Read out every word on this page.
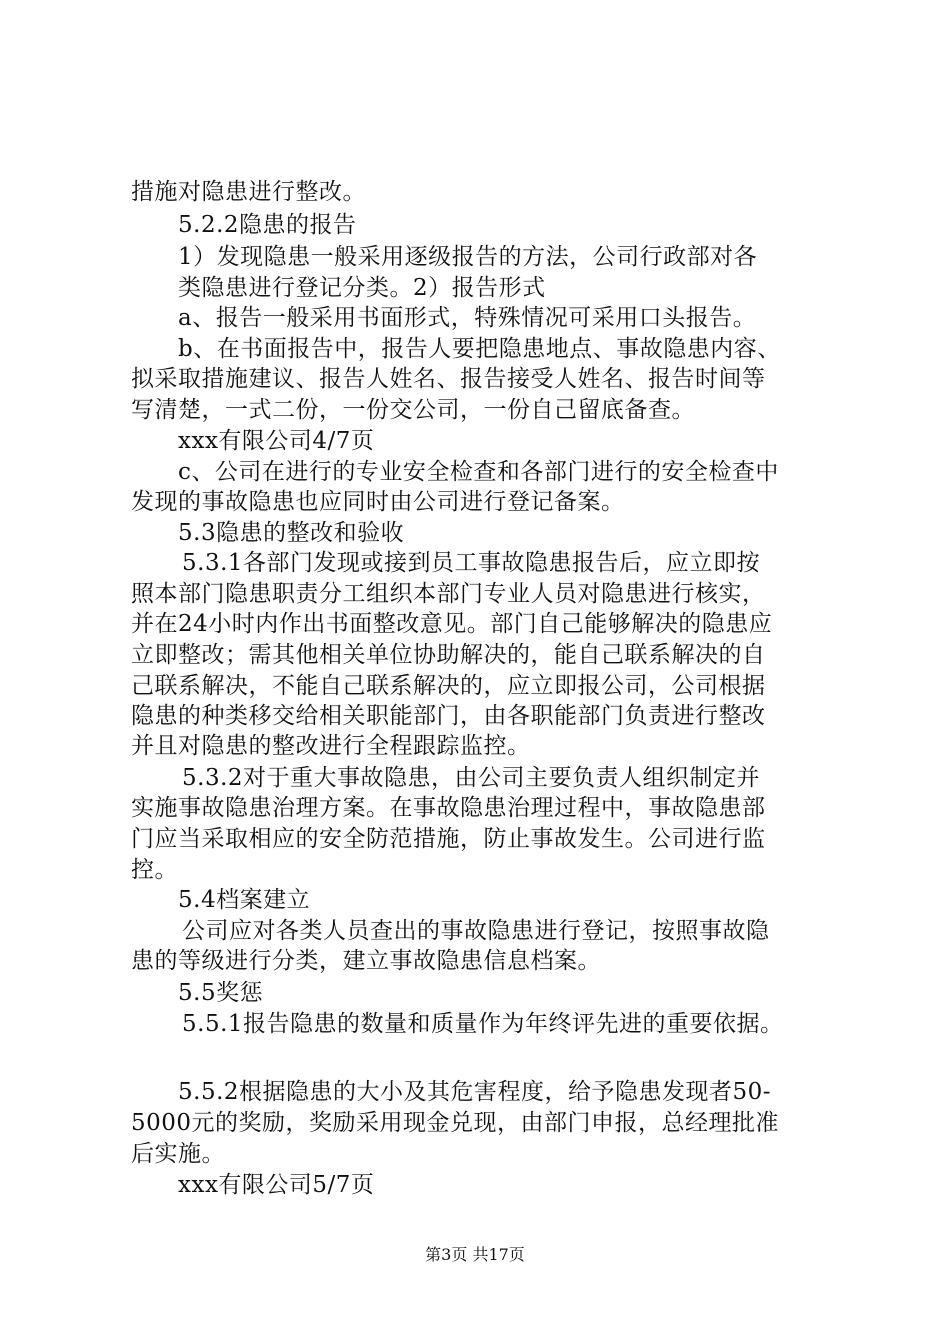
措施对隐患进行整改。
5.2.2隐患的报告
1）发现隐患一般采用逐级报告的方法，公司行政部对各
类隐患进行登记分类。2）报告形式
a、报告一般采用书面形式，特殊情况可采用口头报告。
b、在书面报告中，报告人要把隐患地点、事故隐患内容、
拟采取措施建议、报告人姓名、报告接受人姓名、报告时间等
写清楚，一式二份，一份交公司，一份自己留底备查。
xxx有限公司4/7页
c、公司在进行的专业安全检查和各部门进行的安全检查中
发现的事故隐患也应同时由公司进行登记备案。
5.3隐患的整改和验收
5.3.1各部门发现或接到员工事故隐患报告后，应立即按
照本部门隐患职责分工组织本部门专业人员对隐患进行核实，
并在24小时内作出书面整改意见。部门自己能够解决的隐患应
立即整改；需其他相关单位协助解决的，能自己联系解决的自
己联系解决，不能自己联系解决的，应立即报公司，公司根据
隐患的种类移交给相关职能部门，由各职能部门负责进行整改
并且对隐患的整改进行全程跟踪监控。
5.3.2对于重大事故隐患，由公司主要负责人组织制定并
实施事故隐患治理方案。在事故隐患治理过程中，事故隐患部
门应当采取相应的安全防范措施，防止事故发生。公司进行监
控。
5.4档案建立
公司应对各类人员查出的事故隐患进行登记，按照事故隐
患的等级进行分类，建立事故隐患信息档案。
5.5奖惩
5.5.1报告隐患的数量和质量作为年终评先进的重要依据。
5.5.2根据隐患的大小及其危害程度，给予隐患发现者50-
5000元的奖励，奖励采用现金兑现，由部门申报，总经理批准
后实施。
xxx有限公司5/7页
第3页 共17页
